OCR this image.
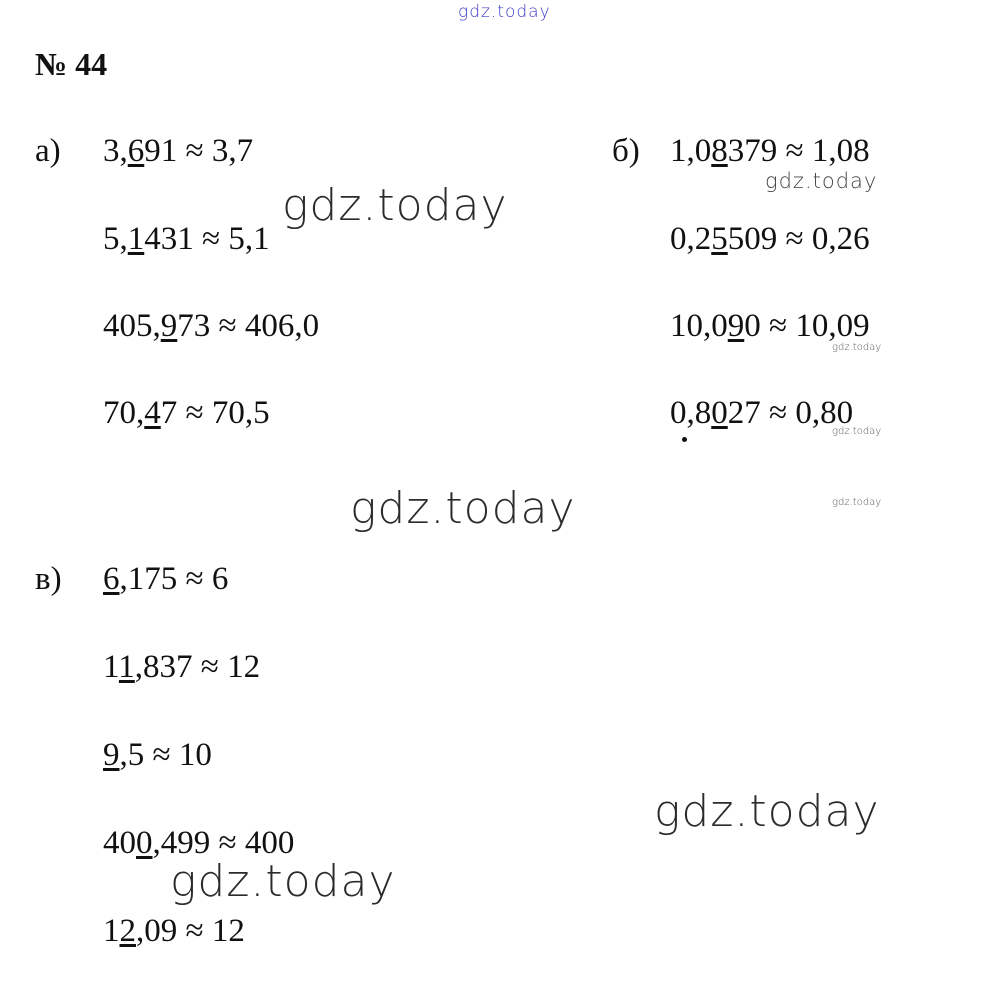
gdz.today
№ 44
а) 3,691 ≈ 3,7
5,1431 ≈ 5,1
405,973 ≈ 406,0
70,47 ≈ 70,5
б) 1,08379 ≈ 1,08
0,25509 ≈ 0,26
10,090 ≈ 10,09
0,8027 ≈ 0,80
в) 6,175 ≈ 6
11,837 ≈ 12
9,5 ≈ 10
400,499 ≈ 400
12,09 ≈ 12
gdz.today	gdz.today
gdz.today
gdz.today
gdz.today	gdz.today
gdz.today
gdz.today
